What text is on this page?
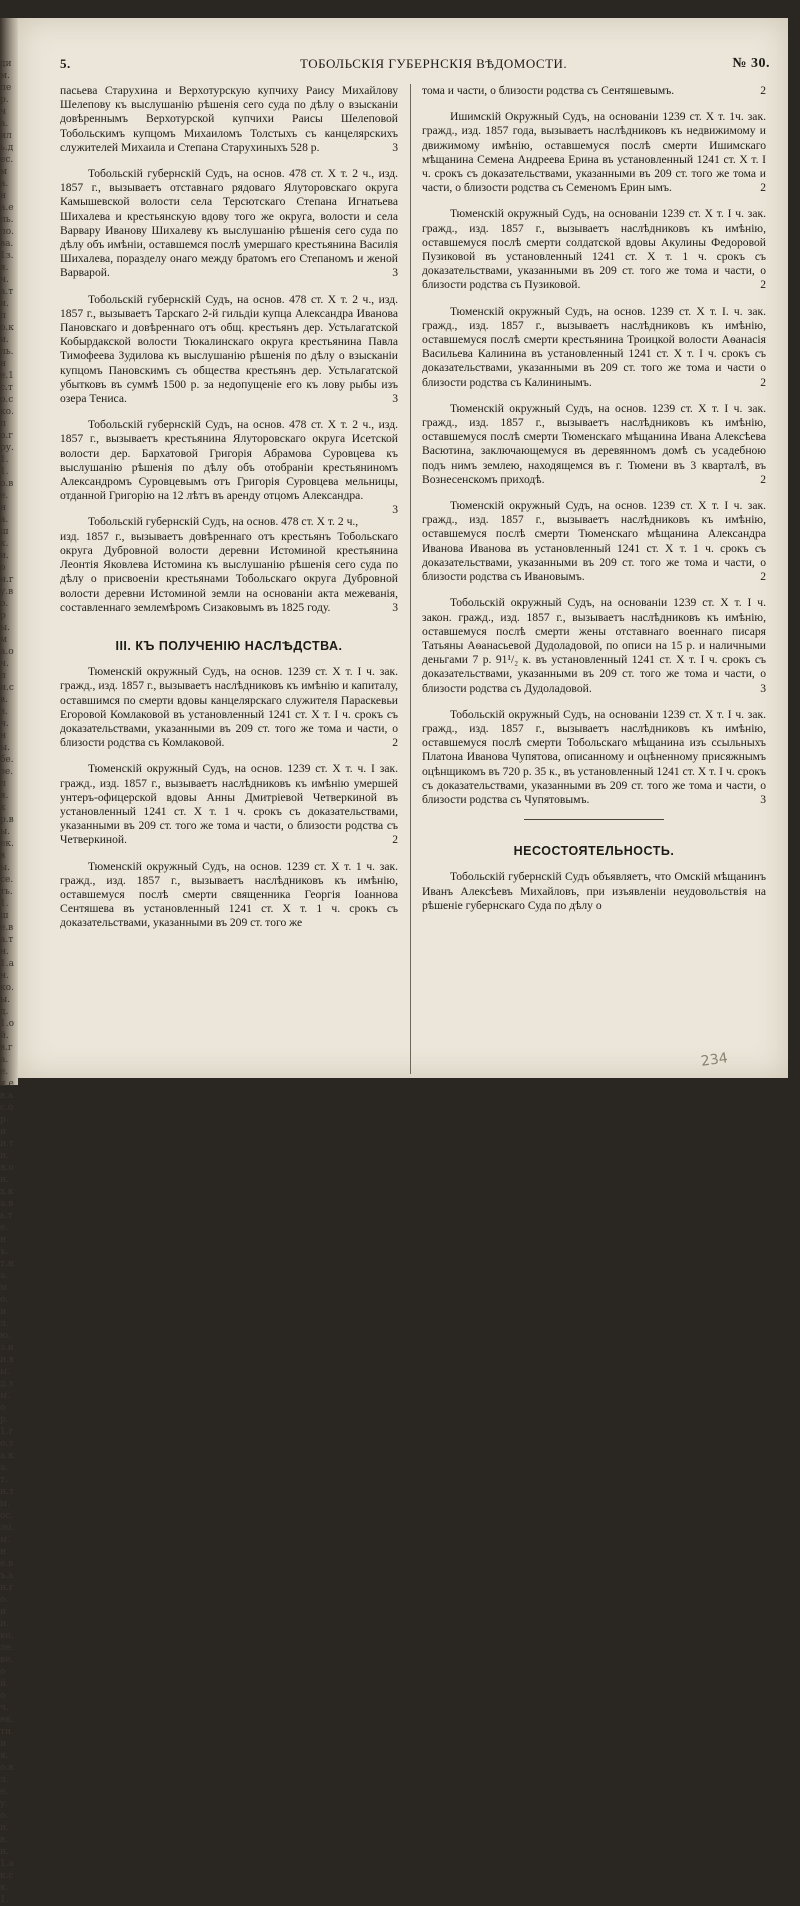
дим.пер.ча.иль.дес.ма.на.ель.ло.ва.1з.я.ч.а.ти.по.ки.ль.не.1с.то.ско.по.гру.1.1.о.ве.на.шк.и.он.гу.во.ры.ма.оч.ли.св.з.ч.ны.бе.зе.ля.кр.вы.ек.вы.се.ть.1.ше.ва.тн.1.ан.ко.ы.д.1.ой.в.га.е.я.ев.ас.ор.ии.ти.я.он.х.ка.вь.те.нъ.т.на.мо.ил.ю.з.ии.вы.д.зм.ор.1.го.за.ка.т.н.ты.ос.ло.м.не.въ.ьн.го.ии.ко.ле.ве.ой.оч.ек.ти.ия.о.вл.е.у.о.и.в.н.1.ак.ск.1.
5.	ТОБОЛЬСКІЯ ГУБЕРНСКІЯ ВѢДОМОСТИ.	№ 30.

пасьева Старухина и Верхотурскую купчиху Раису Михайлову Шелепову къ выслушанію рѣшенія сего суда по дѣлу о взысканіи довѣреннымъ Верхотурской купчихи Раисы Шелеповой Тобольскимъ купцомъ Михаиломъ Толстыхъ съ канцелярскихъ служителей Михаила и Степана Старухиныхъ 528 р.	3

Тобольскій губернскій Судъ, на основ. 478 ст. X т. 2 ч., изд. 1857 г., вызываетъ отставнаго рядоваго Ялуторовскаго округа Камышевской волости села Терсютскаго Степана Игнатьева Шихалева и крестьянскую вдову того же округа, волости и села Варвару Иванову Шихалеву къ выслушанію рѣшенія сего суда по дѣлу объ имѣніи, оставшемся послѣ умершаго крестьянина Василія Шихалева, поразделу онаго между братомъ его Степаномъ и женой Варварой.	3

Тобольскій губернскій Судъ, на основ. 478 ст. X т. 2 ч., изд. 1857 г., вызываетъ Тарскаго 2-й гильдіи купца Александра Иванова Пановскаго и довѣреннаго отъ общ. крестьянъ дер. Устьлагатской Кобырдакской волости Тюкалинскаго округа крестьянина Павла Тимофеева Зудилова къ выслушанію рѣшенія по дѣлу о взысканіи купцомъ Пановскимъ съ общества крестьянъ дер. Устьлагатской убытковъ въ суммѣ 1500 р. за недопущеніе его къ лову рыбы изъ озера Тениса.	3

Тобольскій губернскій Судъ, на основ. 478 ст. X т. 2 ч., изд. 1857 г., вызываетъ крестьянина Ялуторовскаго округа Исетской волости дер. Бархатовой Григорія Абрамова Суровцева къ выслушанію рѣшенія по дѣлу объ отобраніи крестьяниномъ Александромъ Суровцевымъ отъ Григорія Суровцева мельницы, отданной Григорію на 12 лѣтъ въ аренду отцомъ Александра.
3

Тобольскій губернскій Судъ, на основ. 478 ст. X т. 2 ч., изд. 1857 г., вызываетъ довѣреннаго отъ крестьянъ Тобольскаго округа Дубровной волости деревни Истоминой крестьянина Леонтія Яковлева Истомина къ выслушанію рѣшенія сего суда по дѣлу о присвоеніи крестьянами Тобольскаго округа Дубровной волости деревни Истоминой земли на основаніи акта межеванія, составленнаго землемѣромъ Сизаковымъ въ 1825 году.	3

III. КЪ ПОЛУЧЕНІЮ НАСЛѢДСТВА.

Тюменскій окружный Судъ, на основ. 1239 ст. X т. I ч. зак. гражд., изд. 1857 г., вызываетъ наслѣдниковъ къ имѣнію и капиталу, оставшимся по смерти вдовы канцелярскаго служителя Параскевьи Егоровой Комлаковой въ установленный 1241 ст. X т. I ч. срокъ съ доказательствами, указанными въ 209 ст. того же тома и части, о близости родства съ Комлаковой.	2

Тюменскій окружный Судъ, на основ. 1239 ст. X т. ч. I зак. гражд., изд. 1857 г., вызываетъ наслѣдниковъ къ имѣнію умершей унтеръ-офицерской вдовы Анны Дмитріевой Четверкиной въ установленный 1241 ст. X т. 1 ч. срокъ съ доказательствами, указанными въ 209 ст. того же тома и части, о близости родства съ Четверкиной.	2

Тюменскій окружный Судъ, на основ. 1239 ст. X т. 1 ч. зак. гражд., изд. 1857 г., вызываетъ наслѣдниковъ къ имѣнію, оставшемуся послѣ смерти священника Георгія Іоаннова Сентяшева въ установленный 1241 ст. X т. 1 ч. срокъ съ доказательствами, указанными въ 209 ст. того же

тома и части, о близости родства съ Сентяшевымъ.	2

Ишимскій Окружный Судъ, на основаніи 1239 ст. X т. 1ч. зак. гражд., изд. 1857 года, вызываетъ наслѣдниковъ къ недвижимому и движимому имѣнію, оставшемуся послѣ смерти Ишимскаго мѣщанина Семена Андреева Ерина въ установленный 1241 ст. X т. I ч. срокъ съ доказательствами, указанными въ 209 ст. того же тома и части, о близости родства съ Семеномъ Ерин ымъ.	2

Тюменскій окружный Судъ, на основаніи 1239 ст. X т. I ч. зак. гражд., изд. 1857 г., вызываетъ наслѣдниковъ къ имѣнію, оставшемуся послѣ смерти солдатской вдовы Акулины Федоровой Пузиковой въ установленный 1241 ст. X т. 1 ч. срокъ съ доказательствами, указанными въ 209 ст. того же тома и части, о близости родства съ Пузиковой.	2

Тюменскій окружный Судъ, на основ. 1239 ст. X т. I. ч. зак. гражд., изд. 1857 г., вызываетъ наслѣдниковъ къ имѣнію, оставшемуся послѣ смерти крестьянина Троицкой волости Аѳанасія Васильева Калинина въ установленный 1241 ст. X т. I ч. срокъ съ доказательствами, указанными въ 209 ст. того же тома и части о близости родства съ Калининымъ.	2

Тюменскій окружный Судъ, на основ. 1239 ст. X т. I ч. зак. гражд., изд. 1857 г., вызываетъ наслѣдниковъ къ имѣнію, оставшемуся послѣ смерти Тюменскаго мѣщанина Ивана Алексѣева Васютина, заключающемуся въ деревянномъ домѣ съ усадебною подъ нимъ землею, находящемся въ г. Тюмени въ 3 кварталѣ, въ Вознесенскомъ приходѣ.	2

Тюменскій окружный Судъ, на основ. 1239 ст. X т. I ч. зак. гражд., изд. 1857 г., вызываетъ наслѣдниковъ къ имѣнію, оставшемуся послѣ смерти Тюменскаго мѣщанина Александра Иванова Иванова въ установленный 1241 ст. X т. 1 ч. срокъ съ доказательствами, указанными въ 209 ст. того же тома и части, о близости родства съ Ивановымъ.	2

Тобольскій окружный Судъ, на основаніи 1239 ст. X т. I ч. закон. гражд., изд. 1857 г., вызываетъ наслѣдниковъ къ имѣнію, оставшемуся послѣ смерти жены отставнаго военнаго писаря Татьяны Аѳанасьевой Дудоладовой, по описи на 15 р. и наличными деньгами 7 р. 91¹/₂ к. въ установленный 1241 ст. X т. I ч. срокъ съ доказательствами, указанными въ 209 ст. того же тома и части, о близости родства съ Дудоладовой.	3

Тобольскій окружный Судъ, на основаніи 1239 ст. X т. I ч. зак. гражд., изд. 1857 г., вызываетъ наслѣдниковъ къ имѣнію, оставшемуся послѣ смерти Тобольскаго мѣщанина изъ ссыльныхъ Платона Иванова Чупятова, описанному и оцѣненному присяжнымъ оцѣнщикомъ въ 720 р. 35 к., въ установленный 1241 ст. X т. I ч. срокъ съ доказательствами, указанными въ 209 ст. того же тома и части, о близости родства съ Чупятовымъ.	3

НЕСОСТОЯТЕЛЬНОСТЬ.

Тобольскій губернскій Судъ объявляетъ, что Омскій мѣщанинъ Иванъ Алексѣевъ Михайловъ, при изъявленіи неудовольствія на рѣшеніе губернскаго Суда по дѣлу о

234
